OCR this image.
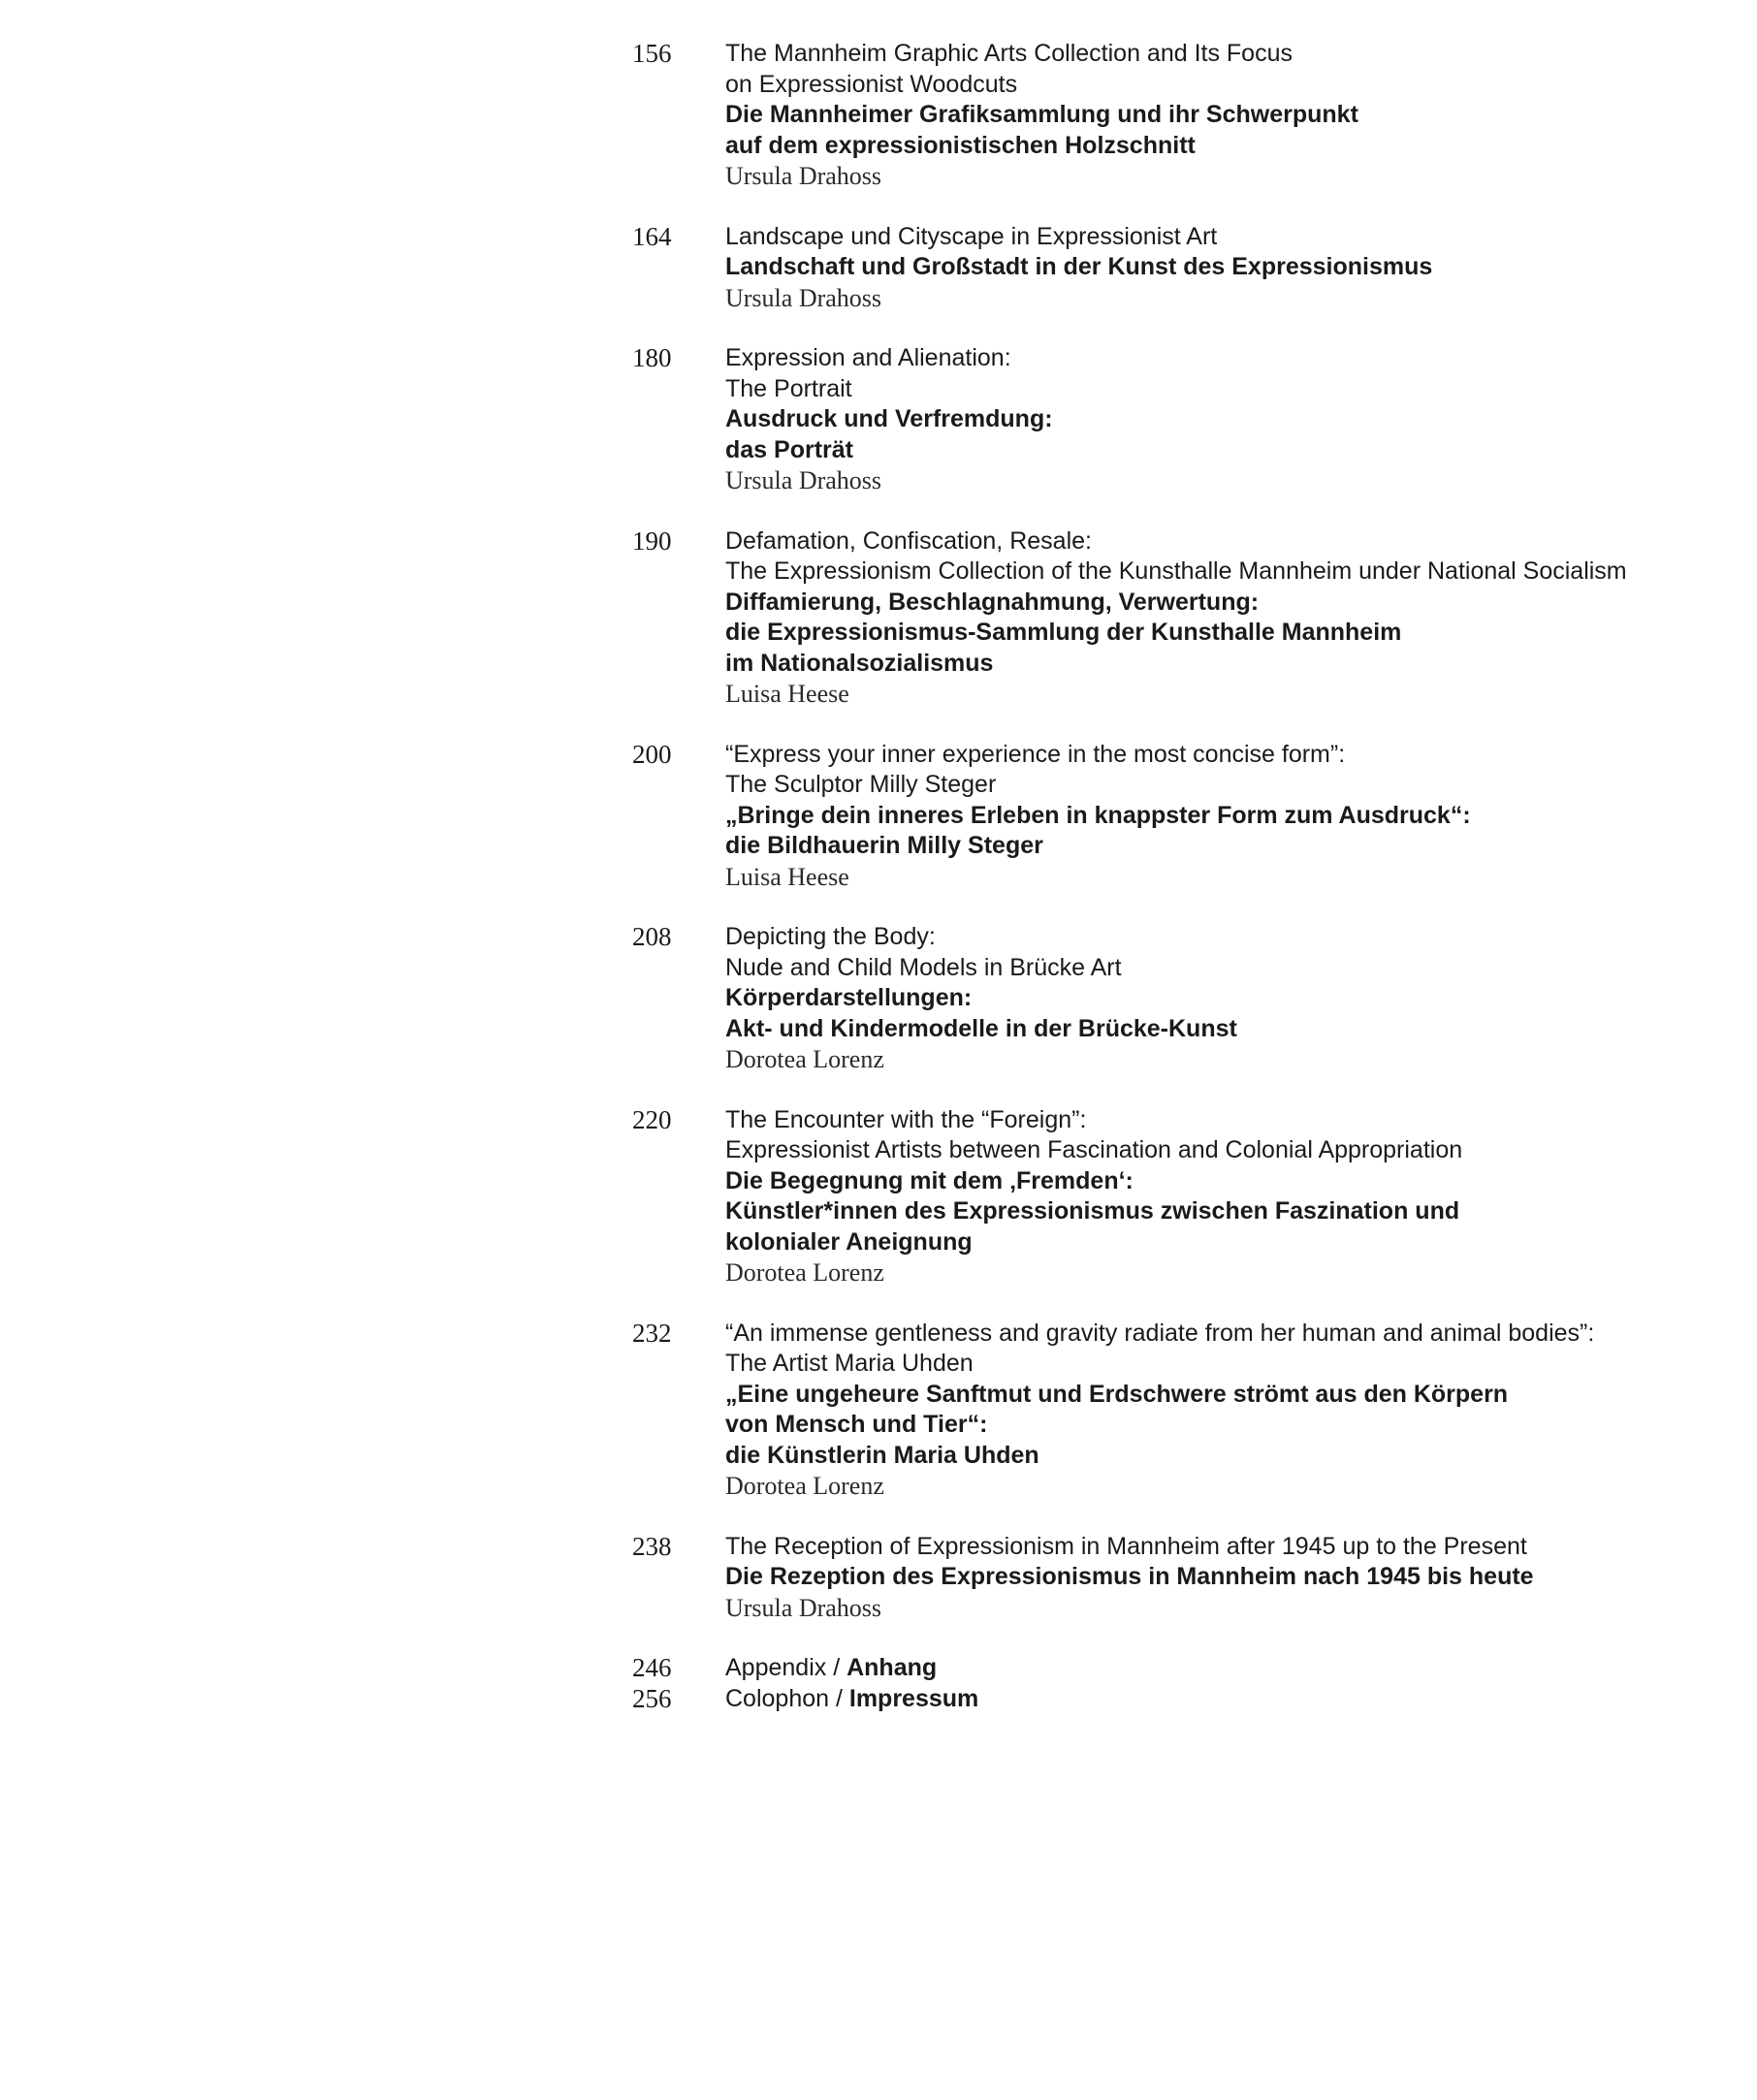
156	The Mannheim Graphic Arts Collection and Its Focus
on Expressionist Woodcuts
Die Mannheimer Grafiksammlung und ihr Schwerpunkt
auf dem expressionistischen Holzschnitt
Ursula Drahoss
164	Landscape und Cityscape in Expressionist Art
Landschaft und Großstadt in der Kunst des Expressionismus
Ursula Drahoss
180	Expression and Alienation:
The Portrait
Ausdruck und Verfremdung:
das Porträt
Ursula Drahoss
190	Defamation, Confiscation, Resale:
The Expressionism Collection of the Kunsthalle Mannheim under National Socialism
Diffamierung, Beschlagnahmung, Verwertung:
die Expressionismus-Sammlung der Kunsthalle Mannheim
im Nationalsozialismus
Luisa Heese
200	“Express your inner experience in the most concise form”:
The Sculptor Milly Steger
„Bringe dein inneres Erleben in knappster Form zum Ausdruck“:
die Bildhauerin Milly Steger
Luisa Heese
208	Depicting the Body:
Nude and Child Models in Brücke Art
Körperdarstellungen:
Akt- und Kindermodelle in der Brücke-Kunst
Dorotea Lorenz
220	The Encounter with the “Foreign”:
Expressionist Artists between Fascination and Colonial Appropriation
Die Begegnung mit dem ‚Fremden‘:
Künstler*innen des Expressionismus zwischen Faszination und
kolonialer Aneignung
Dorotea Lorenz
232	“An immense gentleness and gravity radiate from her human and animal bodies”:
The Artist Maria Uhden
„Eine ungeheure Sanftmut und Erdschwere strömt aus den Körpern
von Mensch und Tier“:
die Künstlerin Maria Uhden
Dorotea Lorenz
238	The Reception of Expressionism in Mannheim after 1945 up to the Present
Die Rezeption des Expressionismus in Mannheim nach 1945 bis heute
Ursula Drahoss
246	Appendix / Anhang
256	Colophon / Impressum
